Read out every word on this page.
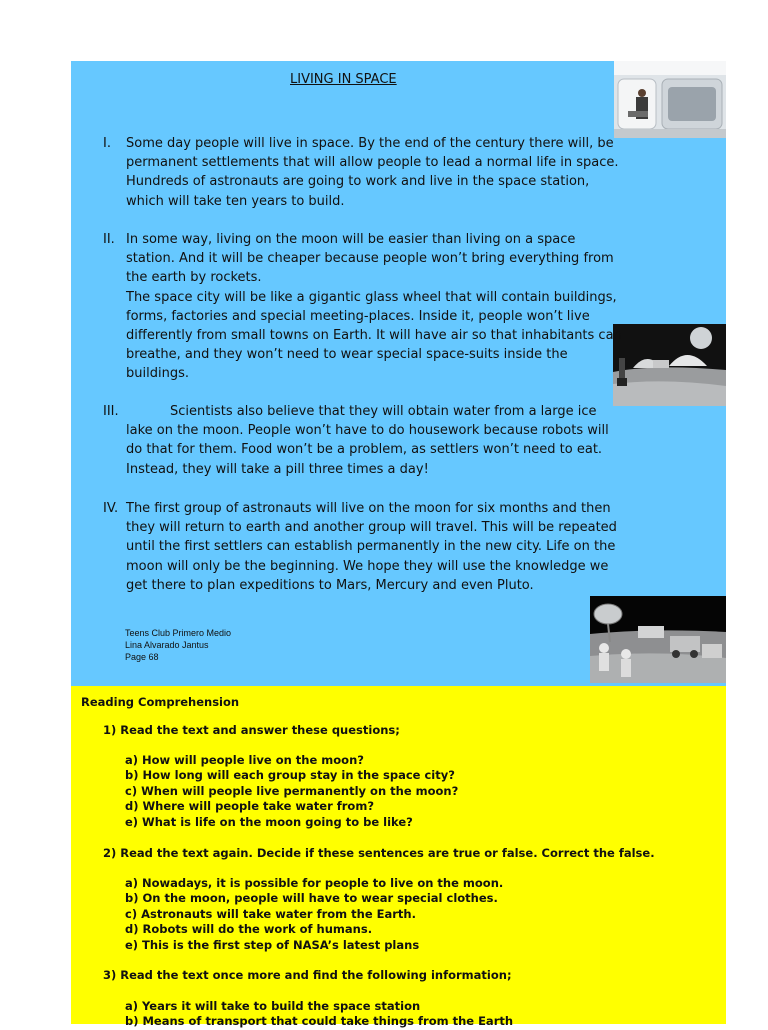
LIVING IN SPACE
I. Some day people will live in space. By the end of the century there will, be permanent settlements that will allow people to lead a normal life in space. Hundreds of astronauts are going to work and live in the space station, which will take ten years to build.
II. In some way, living on the moon will be easier than living on a space station. And it will be cheaper because people won’t bring everything from the earth by rockets.
The space city will be like a gigantic glass wheel that will contain buildings, forms, factories and special meeting-places. Inside it, people won’t live differently from small towns on Earth. It will have air so that inhabitants can breathe, and they won’t need to wear special space-suits inside the buildings.
III.	Scientists also believe that they will obtain water from a large ice lake on the moon. People won’t have to do housework because robots will do that for them. Food won’t be a problem, as settlers won’t need to eat. Instead, they will take a pill three times a day!
IV. The first group of astronauts will live on the moon for six months and then they will return to earth and another group will travel. This will be repeated until the first settlers can establish permanently in the new city. Life on the moon will only be the beginning. We hope they will use the knowledge we get there to plan expeditions to Mars, Mercury and even Pluto.
Teens Club Primero Medio
Lina Alvarado Jantus
Page 68
Reading Comprehension
1) Read the text and answer these questions;
a) How will people live on the moon?
b) How long will each group stay in the space city?
c) When will people live permanently on the moon?
d) Where will people take water from?
e) What is life on the moon going to be like?
2) Read the text again. Decide if these sentences are true or false. Correct the false.
a) Nowadays, it is possible for people to live on the moon.
b) On the moon, people will have to wear special clothes.
c) Astronauts will take water from the Earth.
d) Robots will do the work of humans.
e) This is the first step of NASA’s latest plans
3) Read the text once more and find the following information;
a) Years it will take to build the space station
b) Means of transport that could take things from the Earth
